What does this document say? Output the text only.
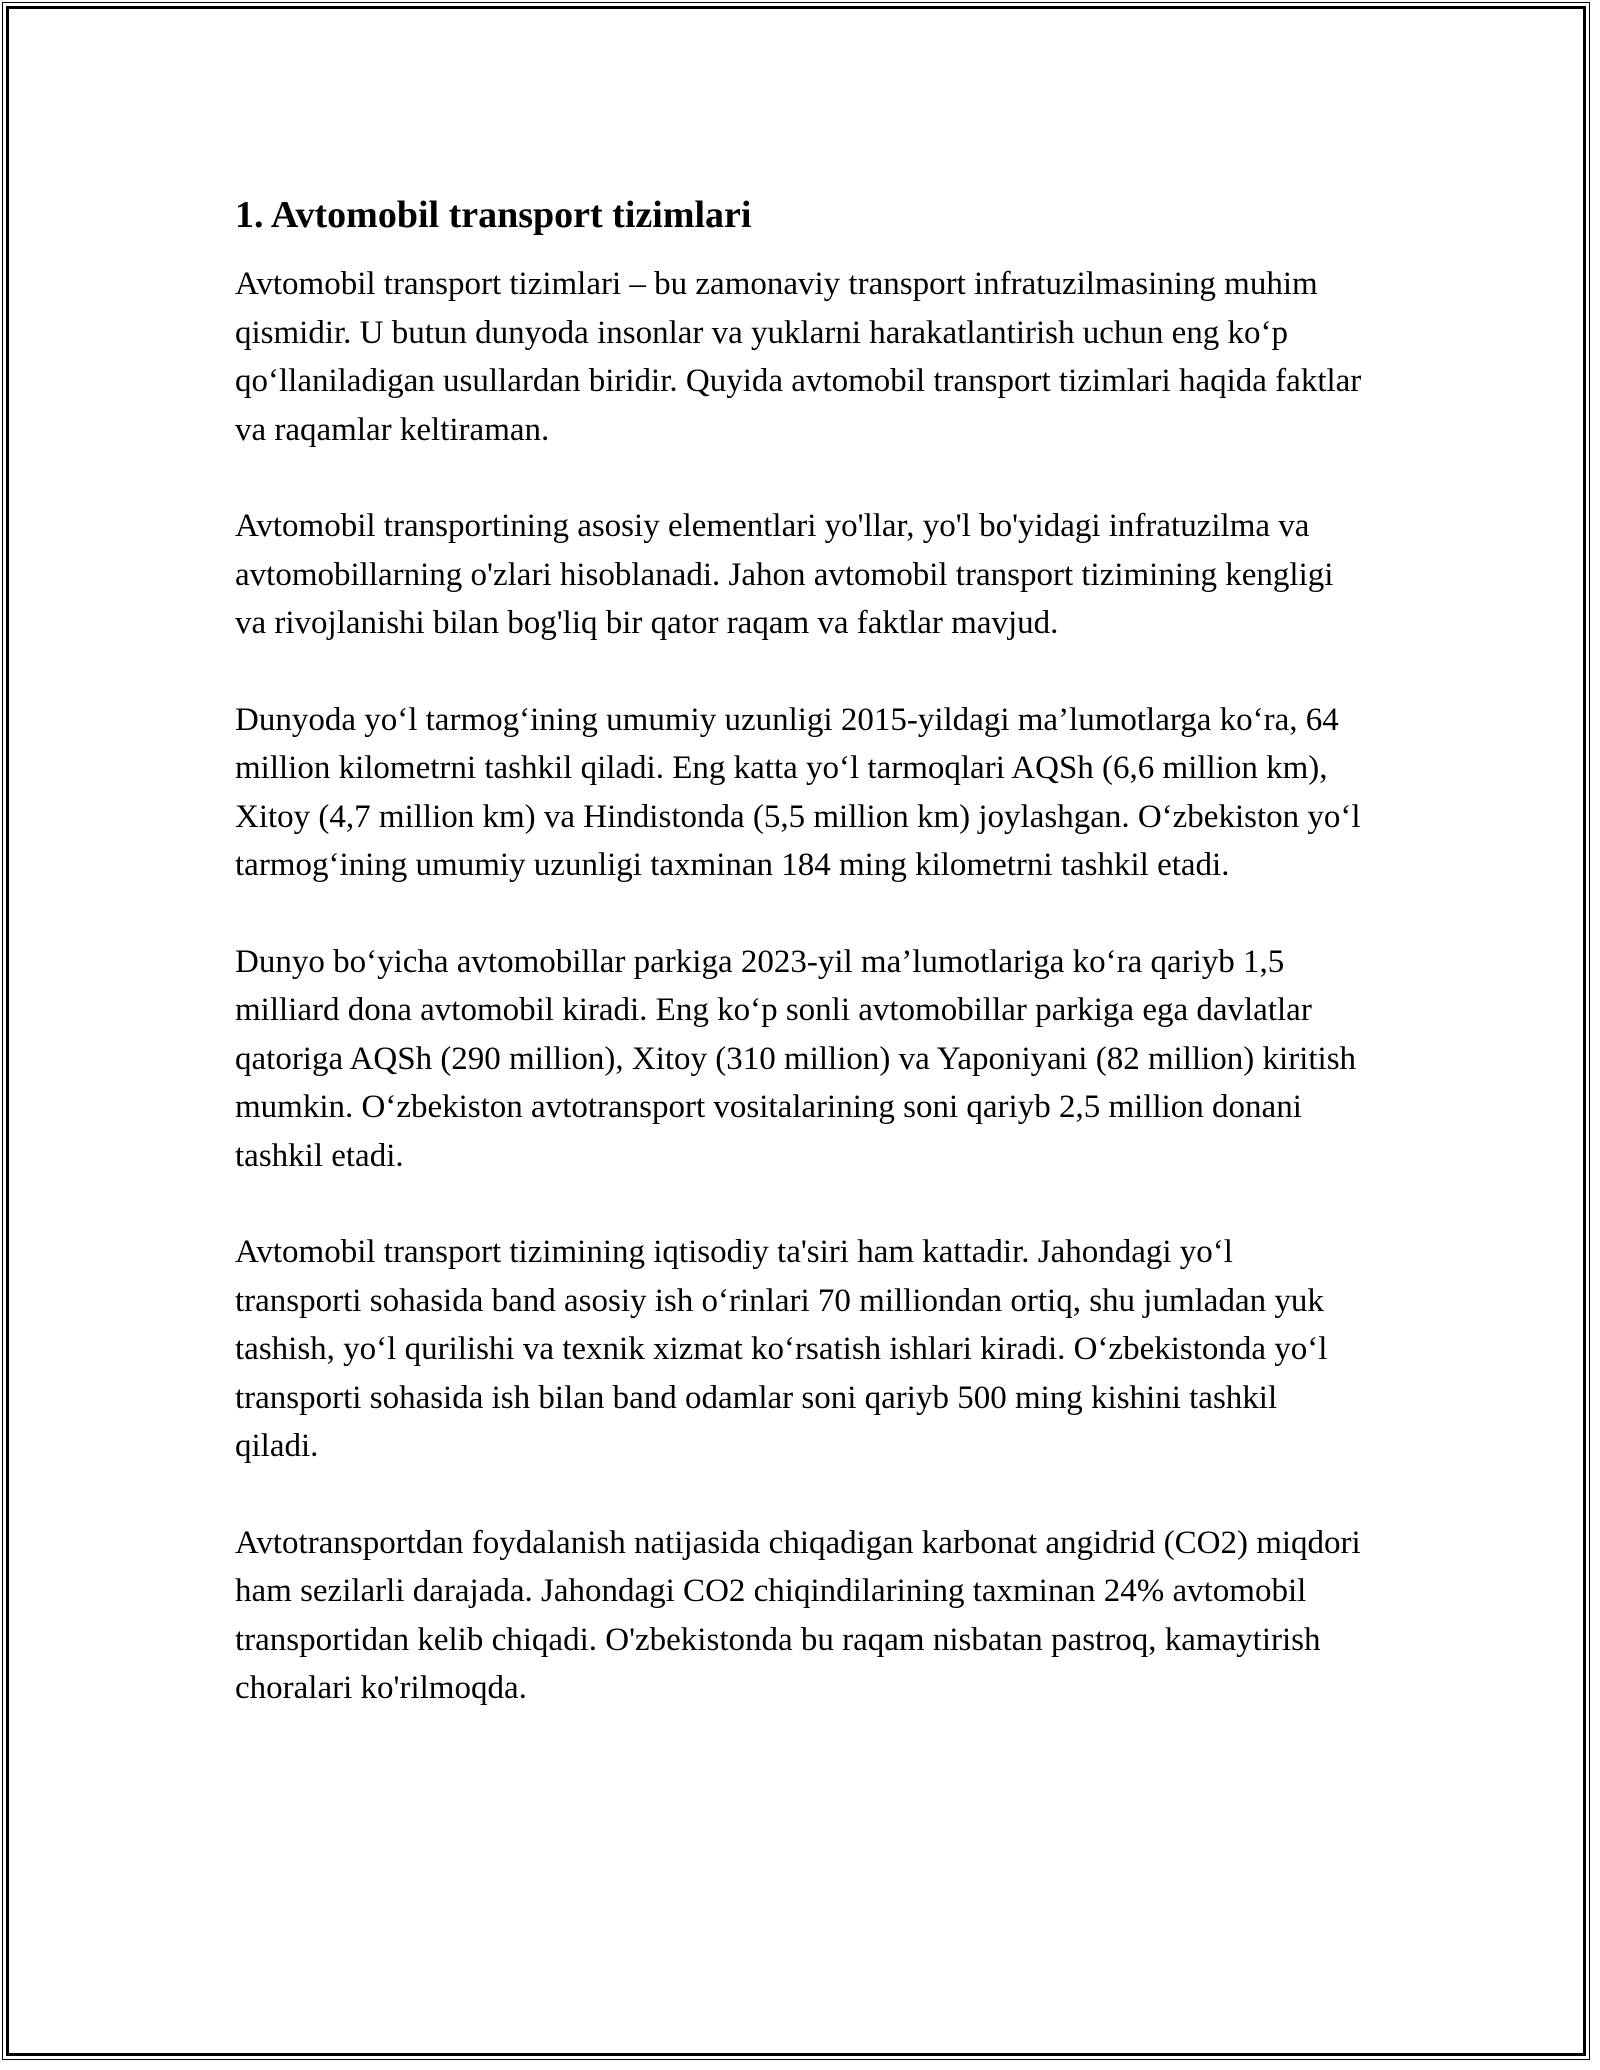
1. Avtomobil transport tizimlari

Avtomobil transport tizimlari – bu zamonaviy transport infratuzilmasining muhim qismidir. U butun dunyoda insonlar va yuklarni harakatlantirish uchun eng ko‘p qo‘llaniladigan usullardan biridir. Quyida avtomobil transport tizimlari haqida faktlar va raqamlar keltiraman.

Avtomobil transportining asosiy elementlari yo'llar, yo'l bo'yidagi infratuzilma va avtomobillarning o'zlari hisoblanadi. Jahon avtomobil transport tizimining kengligi va rivojlanishi bilan bog'liq bir qator raqam va faktlar mavjud.

Dunyoda yo‘l tarmog‘ining umumiy uzunligi 2015-yildagi ma’lumotlarga ko‘ra, 64 million kilometrni tashkil qiladi. Eng katta yo‘l tarmoqlari AQSh (6,6 million km), Xitoy (4,7 million km) va Hindistonda (5,5 million km) joylashgan. O‘zbekiston yo‘l tarmog‘ining umumiy uzunligi taxminan 184 ming kilometrni tashkil etadi.

Dunyo bo‘yicha avtomobillar parkiga 2023-yil ma’lumotlariga ko‘ra qariyb 1,5 milliard dona avtomobil kiradi. Eng ko‘p sonli avtomobillar parkiga ega davlatlar qatoriga AQSh (290 million), Xitoy (310 million) va Yaponiyani (82 million) kiritish mumkin. O‘zbekiston avtotransport vositalarining soni qariyb 2,5 million donani tashkil etadi.

Avtomobil transport tizimining iqtisodiy ta'siri ham kattadir. Jahondagi yo‘l transporti sohasida band asosiy ish o‘rinlari 70 milliondan ortiq, shu jumladan yuk tashish, yo‘l qurilishi va texnik xizmat ko‘rsatish ishlari kiradi. O‘zbekistonda yo‘l transporti sohasida ish bilan band odamlar soni qariyb 500 ming kishini tashkil qiladi.

Avtotransportdan foydalanish natijasida chiqadigan karbonat angidrid (CO2) miqdori ham sezilarli darajada. Jahondagi CO2 chiqindilarining taxminan 24% avtomobil transportidan kelib chiqadi. O'zbekistonda bu raqam nisbatan pastroq, kamaytirish choralari ko'rilmoqda.
